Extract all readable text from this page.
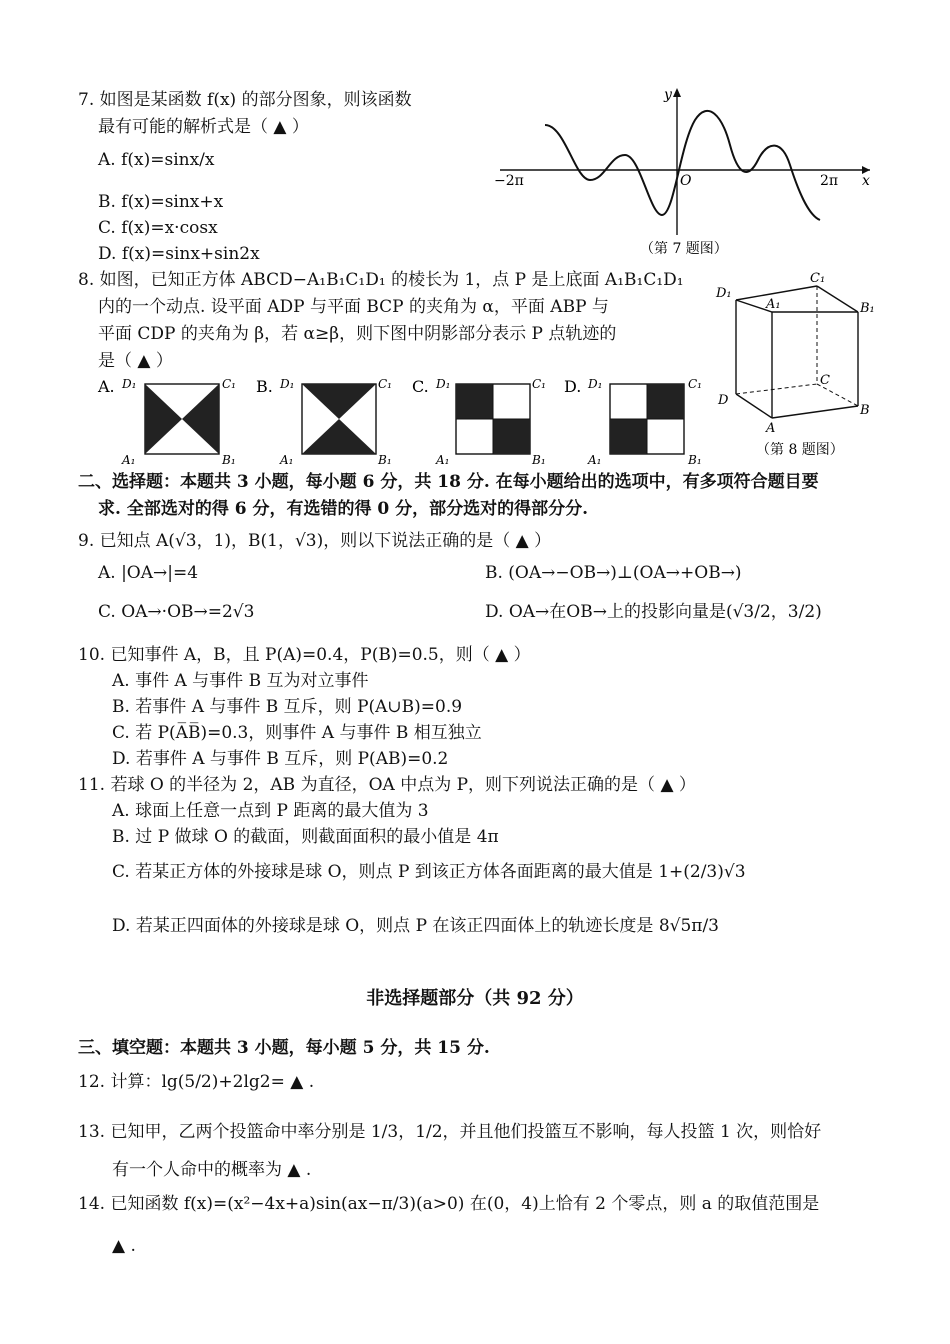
7. 如图是某函数 f(x) 的部分图象，则该函数
最有可能的解析式是（ ▲ ）
A. f(x)=sinx/x
B. f(x)=sinx+x
C. f(x)=x·cosx
D. f(x)=sinx+sin2x
−2π	2π
O
y
x
（第 7 题图）
8. 如图，已知正方体 ABCD−A₁B₁C₁D₁ 的棱长为 1，点 P 是上底面 A₁B₁C₁D₁
内的一个动点. 设平面 ADP 与平面 BCP 的夹角为 α，平面 ABP 与
平面 CDP 的夹角为 β，若 α≥β，则下图中阴影部分表示 P 点轨迹的
是（ ▲ ）
A. D₁	C₁
A₁	B₁
B. D₁	C₁
A₁	B₁
C. D₁	C₁
A₁	B₁
D. D₁	C₁
A₁	B₁
D₁
C₁
A₁	B₁
D
C
A
B
（第 8 题图）
二、选择题：本题共 3 小题，每小题 6 分，共 18 分. 在每小题给出的选项中，有多项符合题目要
求. 全部选对的得 6 分，有选错的得 0 分，部分选对的得部分分.
9. 已知点 A(√3，1)，B(1，√3)，则以下说法正确的是（ ▲ ）
A. |OA→|=4	B. (OA→−OB→)⊥(OA→+OB→)
C. OA→·OB→=2√3	D. OA→在OB→上的投影向量是(√3/2，3/2)
10. 已知事件 A，B，且 P(A)=0.4，P(B)=0.5，则（ ▲ ）
A. 事件 A 与事件 B 互为对立事件
B. 若事件 A 与事件 B 互斥，则 P(A∪B)=0.9
C. 若 P(A̅B̅)=0.3，则事件 A 与事件 B 相互独立
D. 若事件 A 与事件 B 互斥，则 P(AB)=0.2
11. 若球 O 的半径为 2，AB 为直径，OA 中点为 P，则下列说法正确的是（ ▲ ）
A. 球面上任意一点到 P 距离的最大值为 3
B. 过 P 做球 O 的截面，则截面面积的最小值是 4π
C. 若某正方体的外接球是球 O，则点 P 到该正方体各面距离的最大值是 1+(2/3)√3
D. 若某正四面体的外接球是球 O，则点 P 在该正四面体上的轨迹长度是 8√5π/3
非选择题部分（共 92 分）
三、填空题：本题共 3 小题，每小题 5 分，共 15 分.
12. 计算：lg(5/2)+2lg2= ▲ .
13. 已知甲，乙两个投篮命中率分别是 1/3，1/2，并且他们投篮互不影响，每人投篮 1 次，则恰好
有一个人命中的概率为 ▲ .
14. 已知函数 f(x)=(x²−4x+a)sin(ax−π/3)(a>0) 在(0，4)上恰有 2 个零点，则 a 的取值范围是
▲ .
